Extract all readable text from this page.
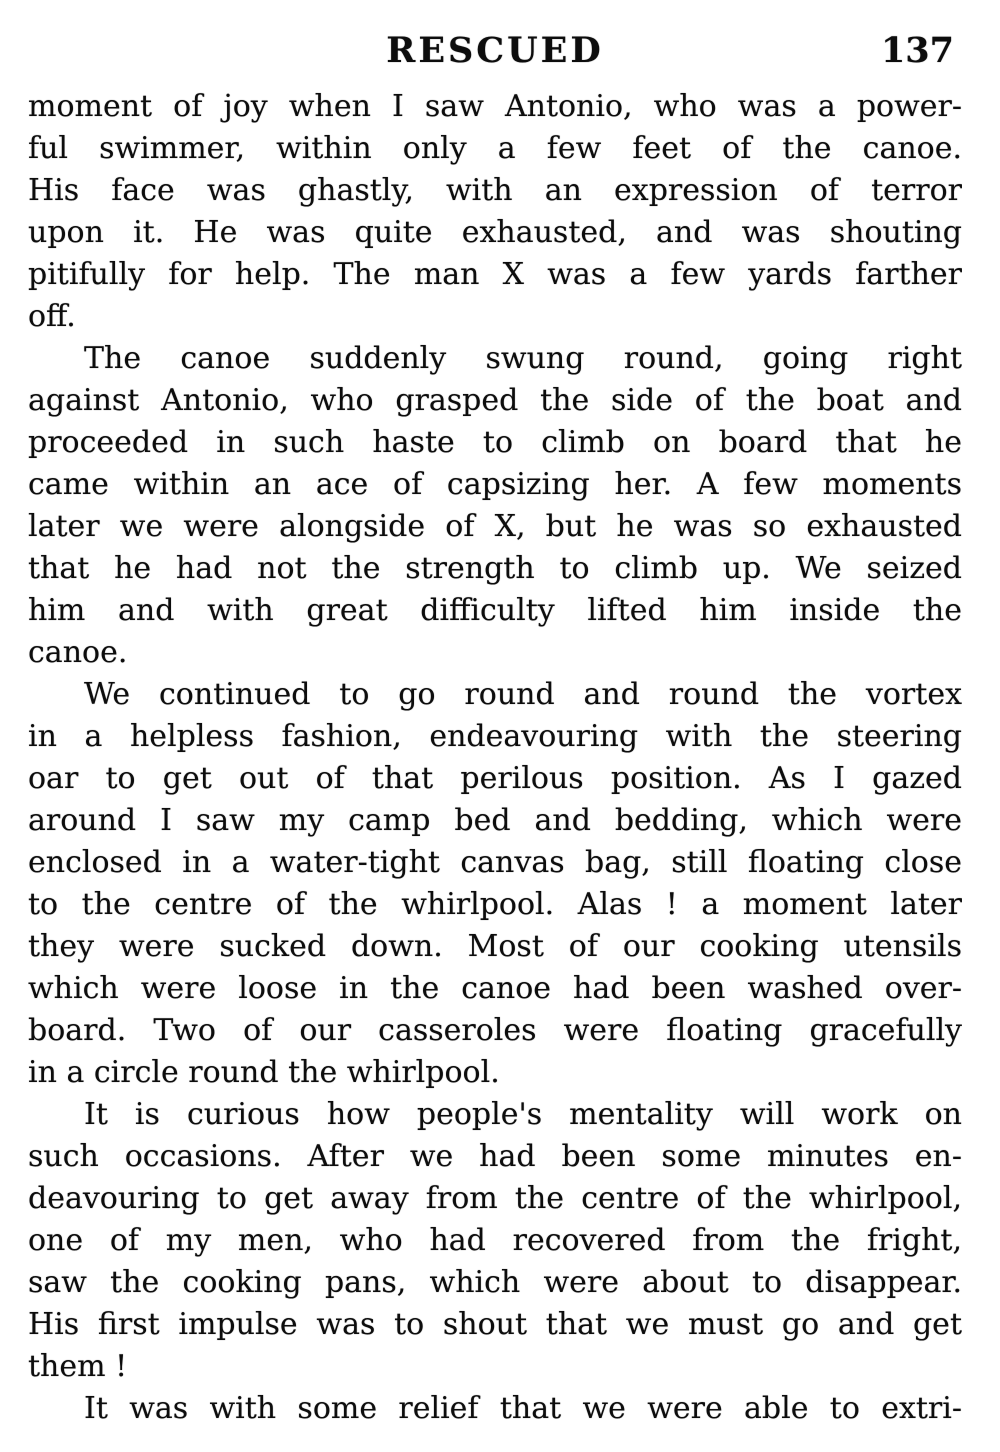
RESCUED	137
moment of joy when I saw Antonio, who was a power-
ful swimmer, within only a few feet of the canoe.
His face was ghastly, with an expression of terror
upon it. He was quite exhausted, and was shouting
pitifully for help. The man X was a few yards farther
off.
The canoe suddenly swung round, going right
against Antonio, who grasped the side of the boat and
proceeded in such haste to climb on board that he
came within an ace of capsizing her. A few moments
later we were alongside of X, but he was so exhausted
that he had not the strength to climb up. We seized
him and with great difficulty lifted him inside the
canoe.
We continued to go round and round the vortex
in a helpless fashion, endeavouring with the steering
oar to get out of that perilous position. As I gazed
around I saw my camp bed and bedding, which were
enclosed in a water-tight canvas bag, still floating close
to the centre of the whirlpool. Alas ! a moment later
they were sucked down. Most of our cooking utensils
which were loose in the canoe had been washed over-
board. Two of our casseroles were floating gracefully
in a circle round the whirlpool.
It is curious how people's mentality will work on
such occasions. After we had been some minutes en-
deavouring to get away from the centre of the whirlpool,
one of my men, who had recovered from the fright,
saw the cooking pans, which were about to disappear.
His first impulse was to shout that we must go and get
them !
It was with some relief that we were able to extri-
